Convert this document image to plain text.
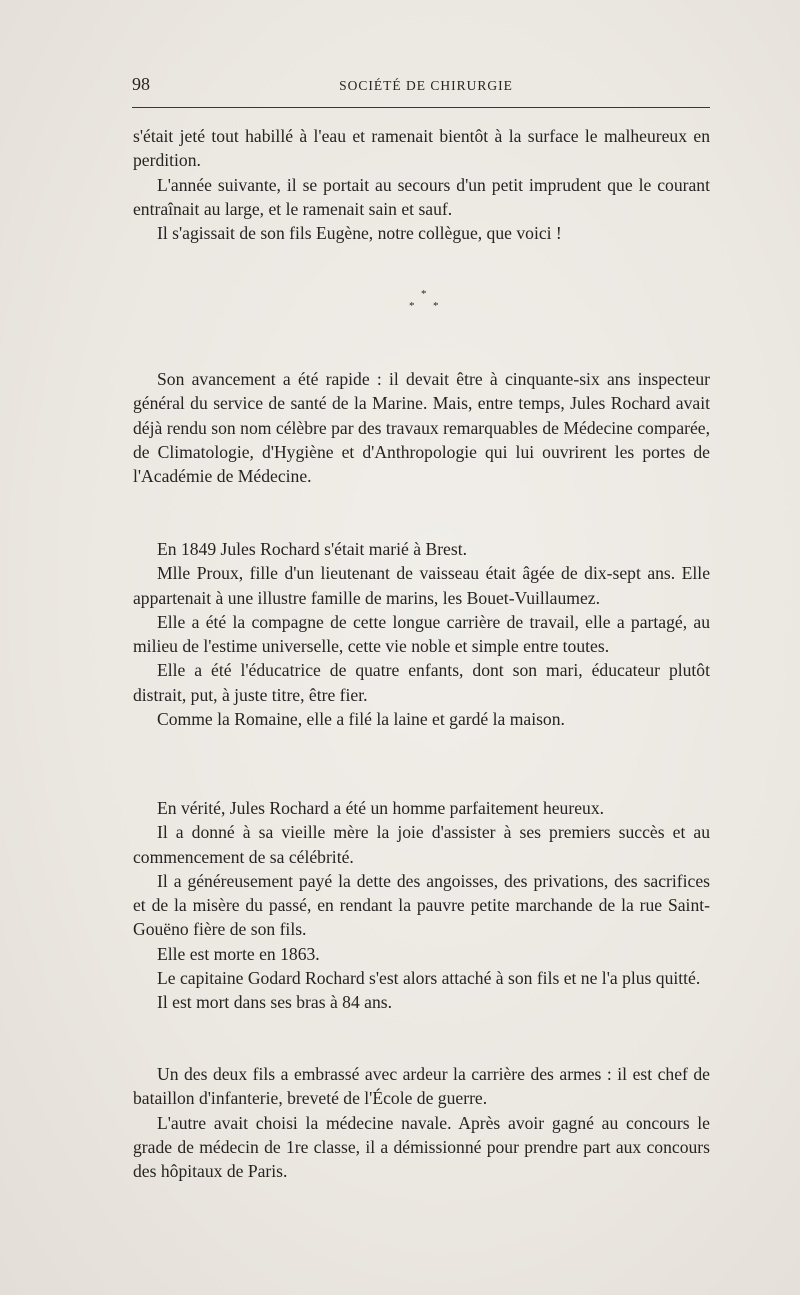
98	SOCIÉTÉ DE CHIRURGIE

s'était jeté tout habillé à l'eau et ramenait bientôt à la surface le malheureux en perdition.

L'année suivante, il se portait au secours d'un petit imprudent que le courant entraînait au large, et le ramenait sain et sauf.

Il s'agissait de son fils Eugène, notre collègue, que voici !

*
* *

Son avancement a été rapide : il devait être à cinquante-six ans inspecteur général du service de santé de la Marine. Mais, entre temps, Jules Rochard avait déjà rendu son nom célèbre par des travaux remarquables de Médecine comparée, de Climatologie, d'Hygiène et d'Anthropologie qui lui ouvrirent les portes de l'Académie de Médecine.

En 1849 Jules Rochard s'était marié à Brest.

Mlle Proux, fille d'un lieutenant de vaisseau était âgée de dix-sept ans. Elle appartenait à une illustre famille de marins, les Bouet-Vuillaumez.

Elle a été la compagne de cette longue carrière de travail, elle a partagé, au milieu de l'estime universelle, cette vie noble et simple entre toutes.

Elle a été l'éducatrice de quatre enfants, dont son mari, éducateur plutôt distrait, put, à juste titre, être fier.

Comme la Romaine, elle a filé la laine et gardé la maison.

En vérité, Jules Rochard a été un homme parfaitement heureux.

Il a donné à sa vieille mère la joie d'assister à ses premiers succès et au commencement de sa célébrité.

Il a généreusement payé la dette des angoisses, des privations, des sacrifices et de la misère du passé, en rendant la pauvre petite marchande de la rue Saint-Gouëno fière de son fils.

Elle est morte en 1863.

Le capitaine Godard Rochard s'est alors attaché à son fils et ne l'a plus quitté.

Il est mort dans ses bras à 84 ans.

Un des deux fils a embrassé avec ardeur la carrière des armes : il est chef de bataillon d'infanterie, breveté de l'École de guerre.

L'autre avait choisi la médecine navale. Après avoir gagné au concours le grade de médecin de 1re classe, il a démissionné pour prendre part aux concours des hôpitaux de Paris.
